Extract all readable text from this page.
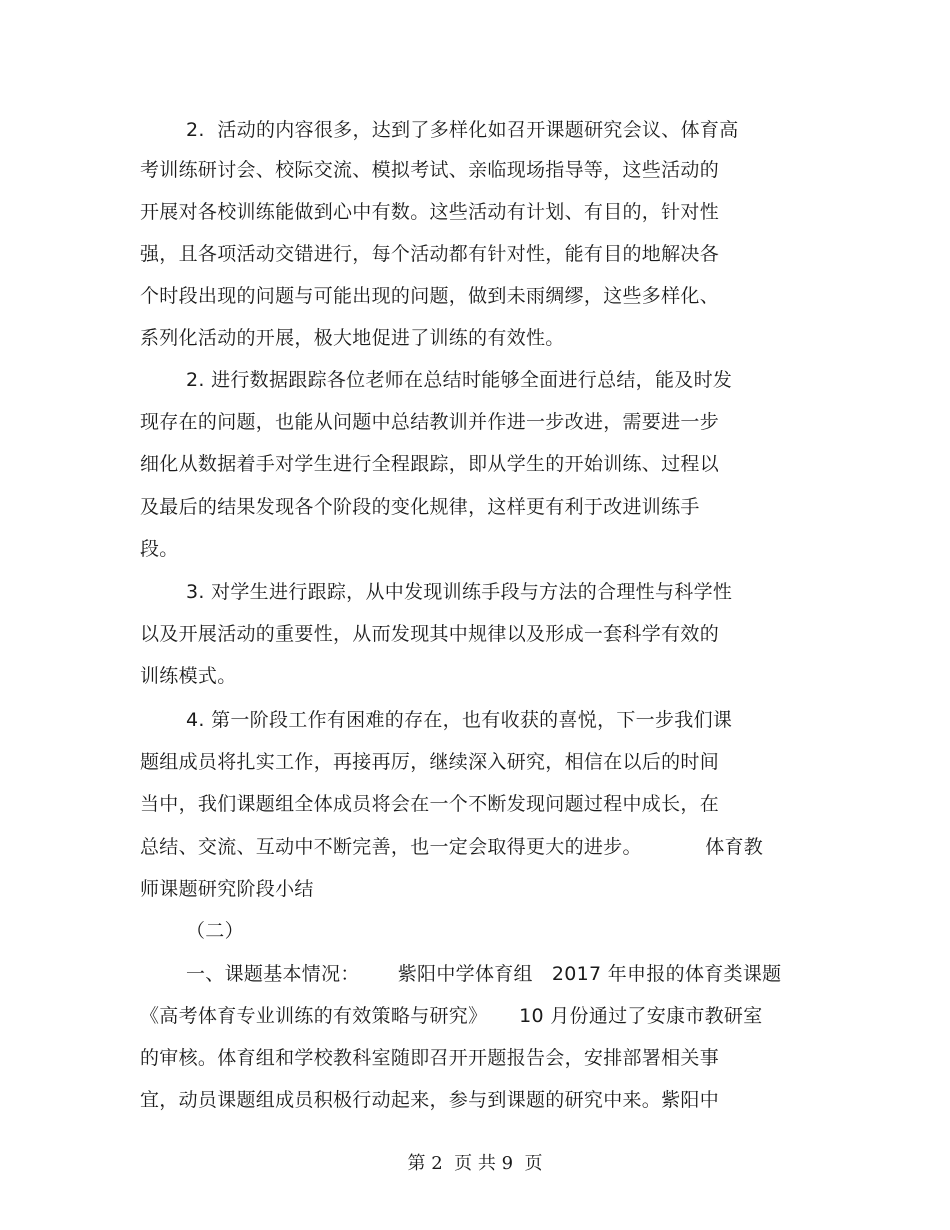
2.  活动的内容很多，达到了多样化如召开课题研究会议、体育高
考训练研讨会、校际交流、模拟考试、亲临现场指导等，这些活动的
开展对各校训练能做到心中有数。这些活动有计划、有目的，针对性
强，且各项活动交错进行，每个活动都有针对性，能有目的地解决各
个时段出现的问题与可能出现的问题，做到未雨绸缪，这些多样化、
系列化活动的开展，极大地促进了训练的有效性。
2. 进行数据跟踪各位老师在总结时能够全面进行总结，能及时发
现存在的问题，也能从问题中总结教训并作进一步改进，需要进一步
细化从数据着手对学生进行全程跟踪，即从学生的开始训练、过程以
及最后的结果发现各个阶段的变化规律，这样更有利于改进训练手
段。
3. 对学生进行跟踪，从中发现训练手段与方法的合理性与科学性
以及开展活动的重要性，从而发现其中规律以及形成一套科学有效的
训练模式。
4. 第一阶段工作有困难的存在，也有收获的喜悦，下一步我们课
题组成员将扎实工作，再接再厉，继续深入研究，相信在以后的时间
当中，我们课题组全体成员将会在一个不断发现问题过程中成长，在
总结、交流、互动中不断完善，也一定会取得更大的进步。          体育教
师课题研究阶段小结
（二）
一、课题基本情况：      紫阳中学体育组   2017 年申报的体育类课题
《高考体育专业训练的有效策略与研究》     10 月份通过了安康市教研室
的审核。体育组和学校教科室随即召开开题报告会，安排部署相关事
宜，动员课题组成员积极行动起来，参与到课题的研究中来。紫阳中
第 2  页 共 9  页
